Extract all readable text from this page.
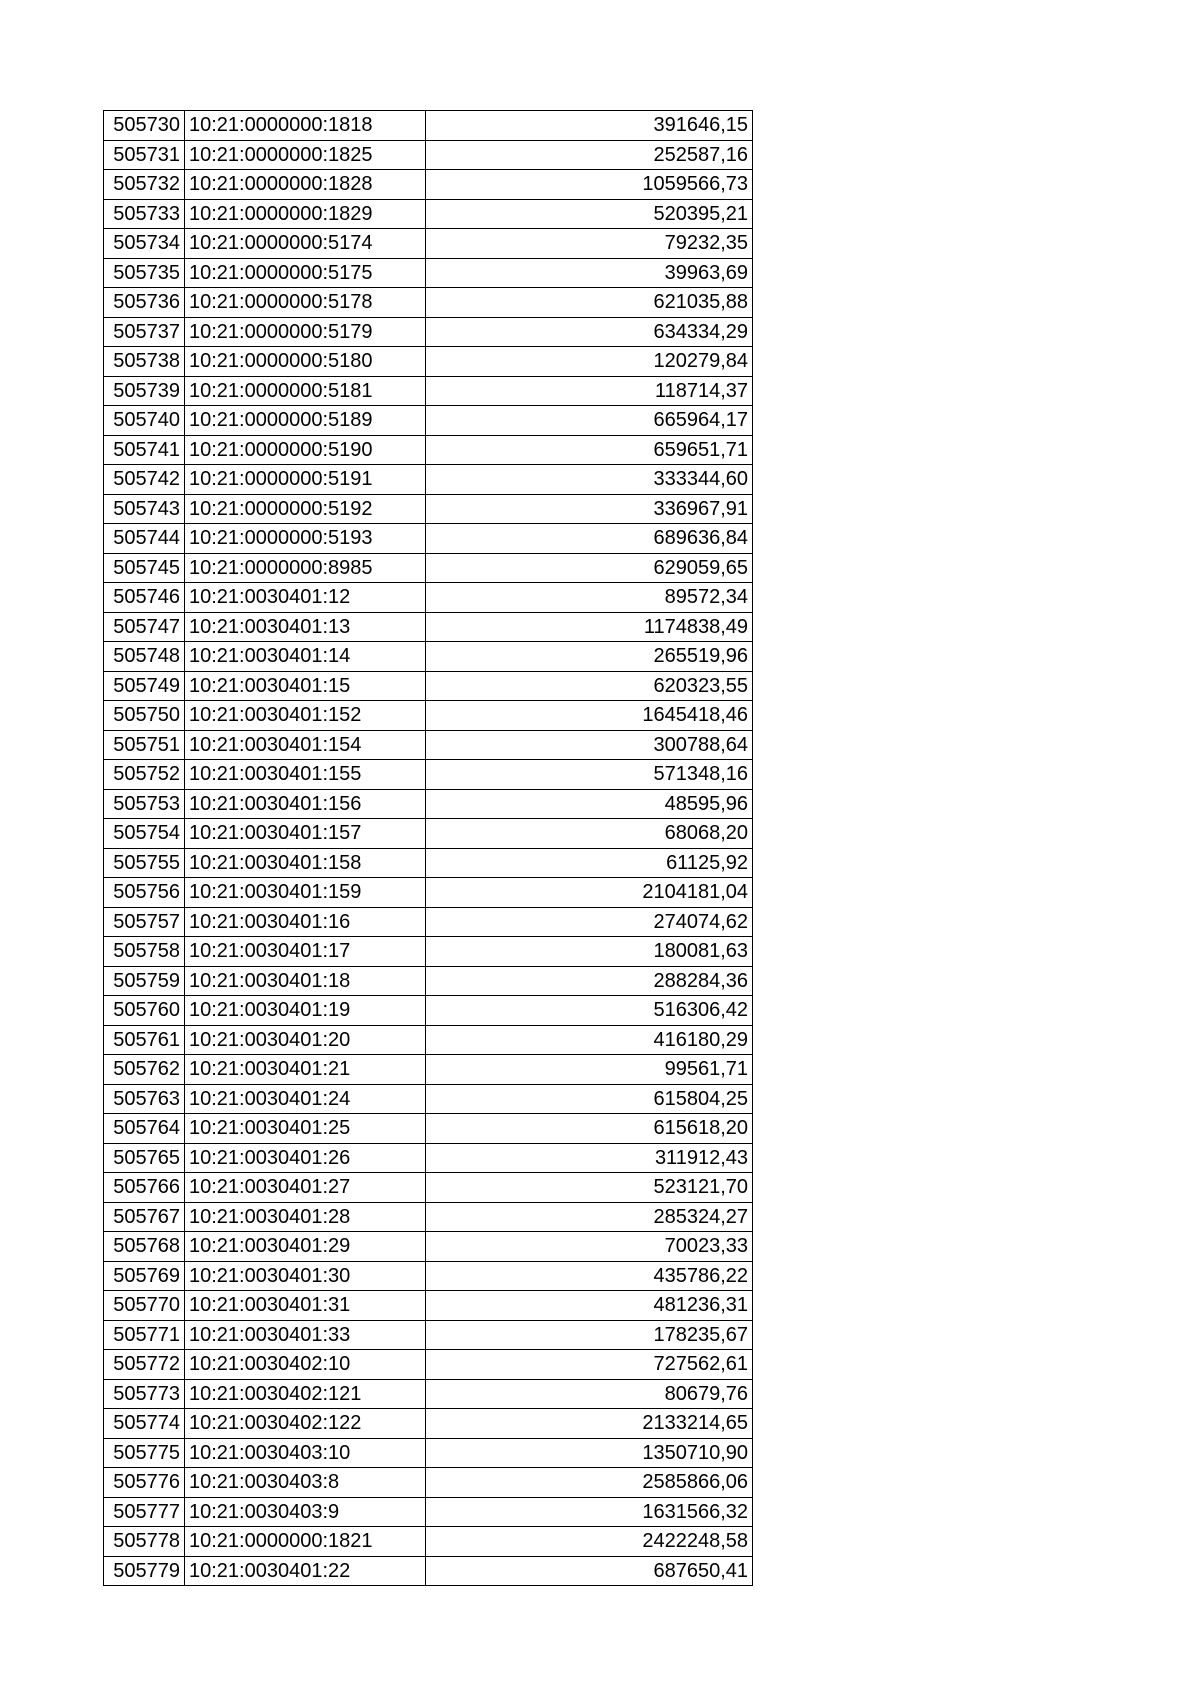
505730	10:21:0000000:1818	391646,15
505731	10:21:0000000:1825	252587,16
505732	10:21:0000000:1828	1059566,73
505733	10:21:0000000:1829	520395,21
505734	10:21:0000000:5174	79232,35
505735	10:21:0000000:5175	39963,69
505736	10:21:0000000:5178	621035,88
505737	10:21:0000000:5179	634334,29
505738	10:21:0000000:5180	120279,84
505739	10:21:0000000:5181	118714,37
505740	10:21:0000000:5189	665964,17
505741	10:21:0000000:5190	659651,71
505742	10:21:0000000:5191	333344,60
505743	10:21:0000000:5192	336967,91
505744	10:21:0000000:5193	689636,84
505745	10:21:0000000:8985	629059,65
505746	10:21:0030401:12	89572,34
505747	10:21:0030401:13	1174838,49
505748	10:21:0030401:14	265519,96
505749	10:21:0030401:15	620323,55
505750	10:21:0030401:152	1645418,46
505751	10:21:0030401:154	300788,64
505752	10:21:0030401:155	571348,16
505753	10:21:0030401:156	48595,96
505754	10:21:0030401:157	68068,20
505755	10:21:0030401:158	61125,92
505756	10:21:0030401:159	2104181,04
505757	10:21:0030401:16	274074,62
505758	10:21:0030401:17	180081,63
505759	10:21:0030401:18	288284,36
505760	10:21:0030401:19	516306,42
505761	10:21:0030401:20	416180,29
505762	10:21:0030401:21	99561,71
505763	10:21:0030401:24	615804,25
505764	10:21:0030401:25	615618,20
505765	10:21:0030401:26	311912,43
505766	10:21:0030401:27	523121,70
505767	10:21:0030401:28	285324,27
505768	10:21:0030401:29	70023,33
505769	10:21:0030401:30	435786,22
505770	10:21:0030401:31	481236,31
505771	10:21:0030401:33	178235,67
505772	10:21:0030402:10	727562,61
505773	10:21:0030402:121	80679,76
505774	10:21:0030402:122	2133214,65
505775	10:21:0030403:10	1350710,90
505776	10:21:0030403:8	2585866,06
505777	10:21:0030403:9	1631566,32
505778	10:21:0000000:1821	2422248,58
505779	10:21:0030401:22	687650,41
